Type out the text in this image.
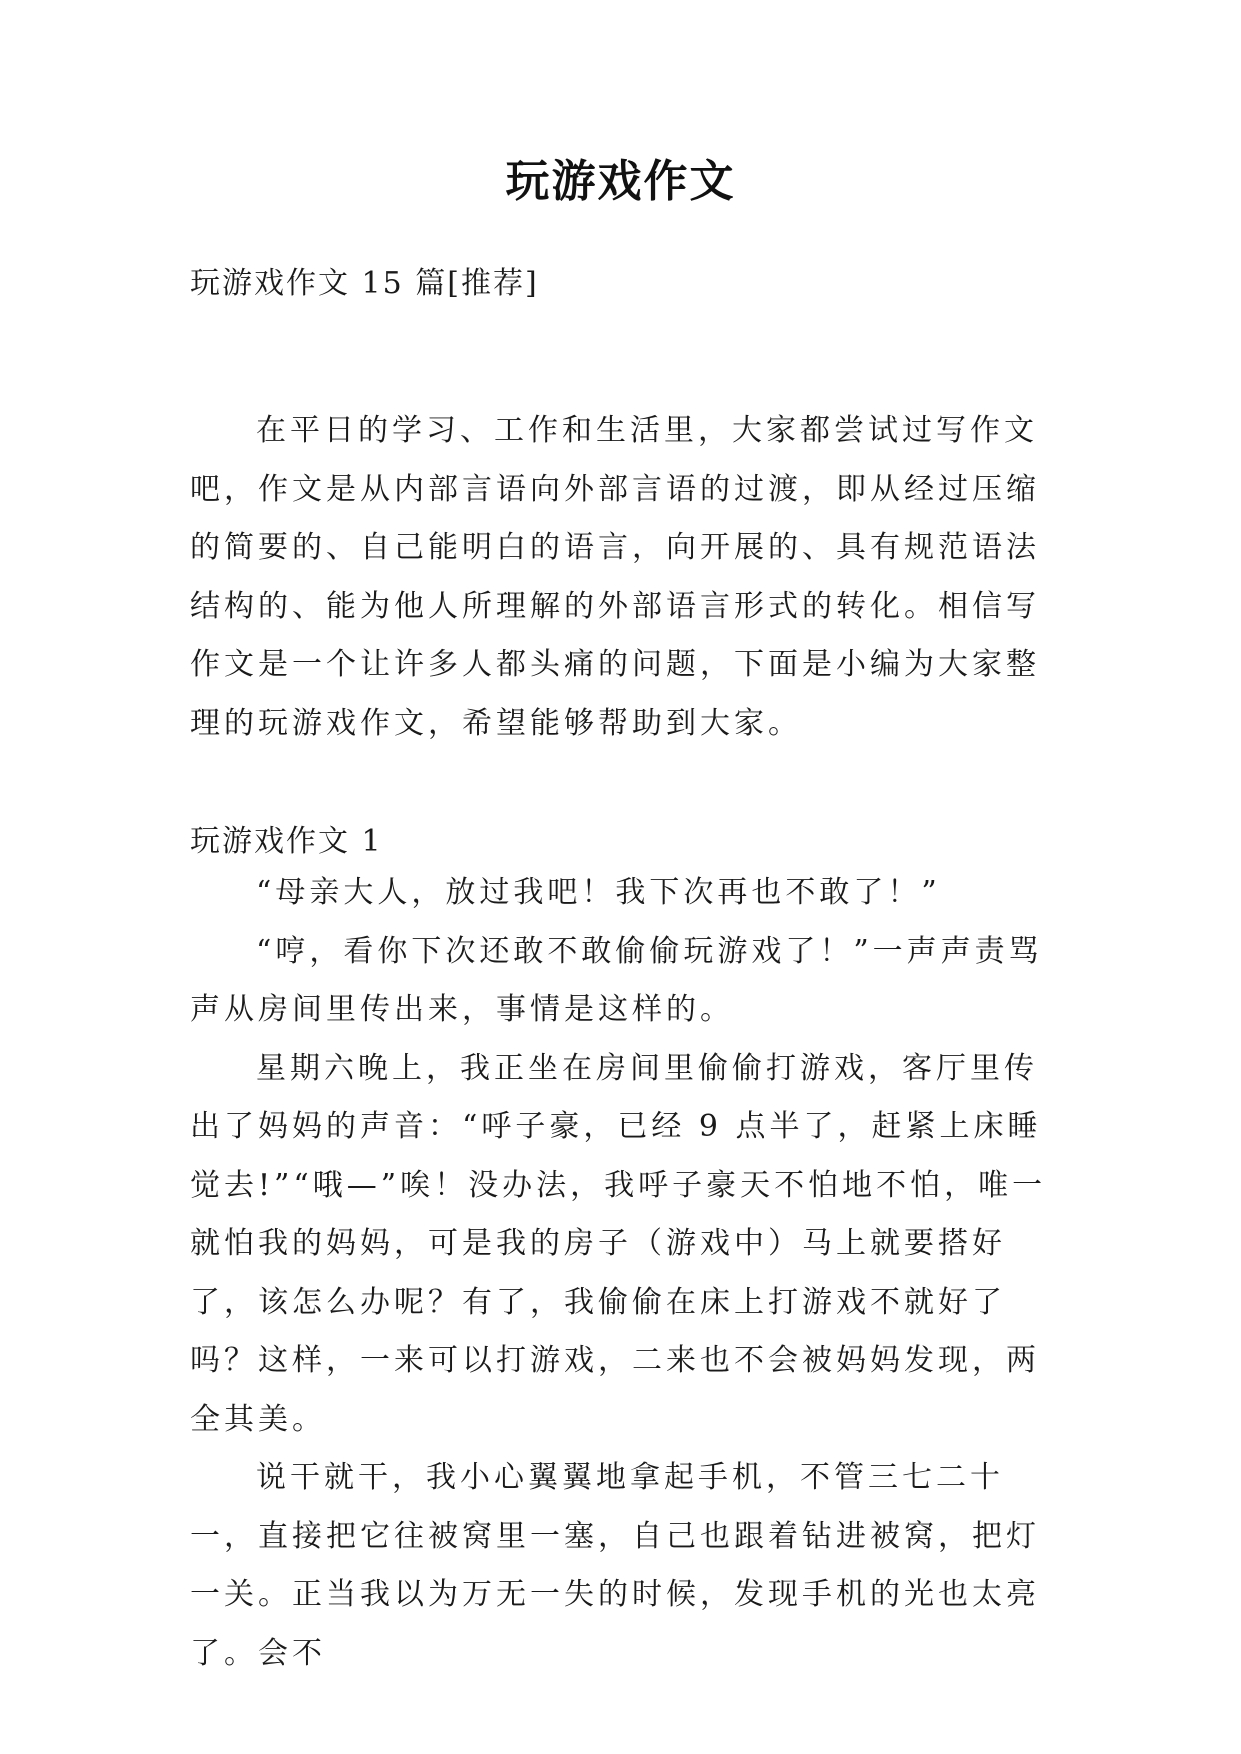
玩游戏作文
玩游戏作文 15 篇[推荐]

在平日的学习、工作和生活里，大家都尝试过写作文吧，作文是从内部言语向外部言语的过渡，即从经过压缩的简要的、自己能明白的语言，向开展的、具有规范语法结构的、能为他人所理解的外部语言形式的转化。相信写作文是一个让许多人都头痛的问题，下面是小编为大家整理的玩游戏作文，希望能够帮助到大家。

玩游戏作文 1

“母亲大人，放过我吧！我下次再也不敢了！”

“哼，看你下次还敢不敢偷偷玩游戏了！”一声声责骂声从房间里传出来，事情是这样的。

星期六晚上，我正坐在房间里偷偷打游戏，客厅里传出了妈妈的声音：“呼子豪，已经 9 点半了，赶紧上床睡觉去!”“哦—”唉！没办法，我呼子豪天不怕地不怕，唯一就怕我的妈妈，可是我的房子（游戏中）马上就要搭好了，该怎么办呢？有了，我偷偷在床上打游戏不就好了吗？这样，一来可以打游戏，二来也不会被妈妈发现，两全其美。

说干就干，我小心翼翼地拿起手机，不管三七二十一，直接把它往被窝里一塞，自己也跟着钻进被窝，把灯一关。正当我以为万无一失的时候，发现手机的光也太亮了。会不
